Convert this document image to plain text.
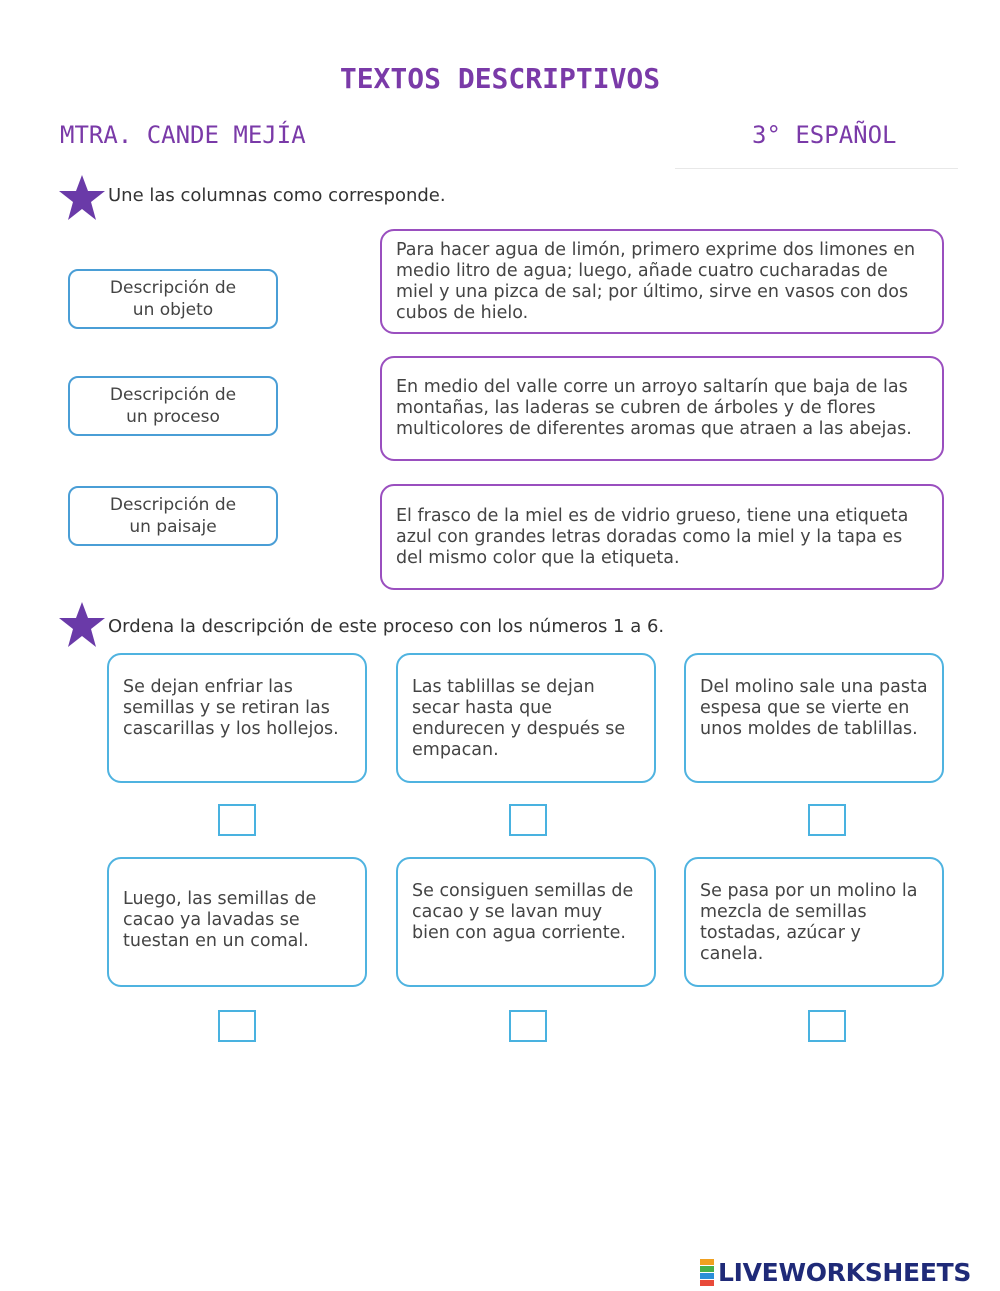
TEXTOS DESCRIPTIVOS
MTRA. CANDE MEJÍA	3° ESPAÑOL
Une las columnas como corresponde.
Descripción de
un objeto
Descripción de
un proceso
Descripción de
un paisaje
Para hacer agua de limón, primero exprime dos limones en medio litro de agua; luego, añade cuatro cucharadas de miel y una pizca de sal; por último, sirve en vasos con dos cubos de hielo.
En medio del valle corre un arroyo saltarín que baja de las montañas, las laderas se cubren de árboles y de flores multicolores de diferentes aromas que atraen a las abejas.
El frasco de la miel es de vidrio grueso, tiene una etiqueta azul con grandes letras doradas como la miel y la tapa es del mismo color que la etiqueta.
Ordena la descripción de este proceso con los números 1 a 6.
Se dejan enfriar las semillas y se retiran las cascarillas y los hollejos.
Las tablillas se dejan secar hasta que endurecen y después se empacan.
Del molino sale una pasta espesa que se vierte en unos moldes de tablillas.
Luego, las semillas de cacao ya lavadas se tuestan en un comal.
Se consiguen semillas de cacao y se lavan muy bien con agua corriente.
Se pasa por un molino la mezcla de semillas tostadas, azúcar y canela.
LIVEWORKSHEETS
